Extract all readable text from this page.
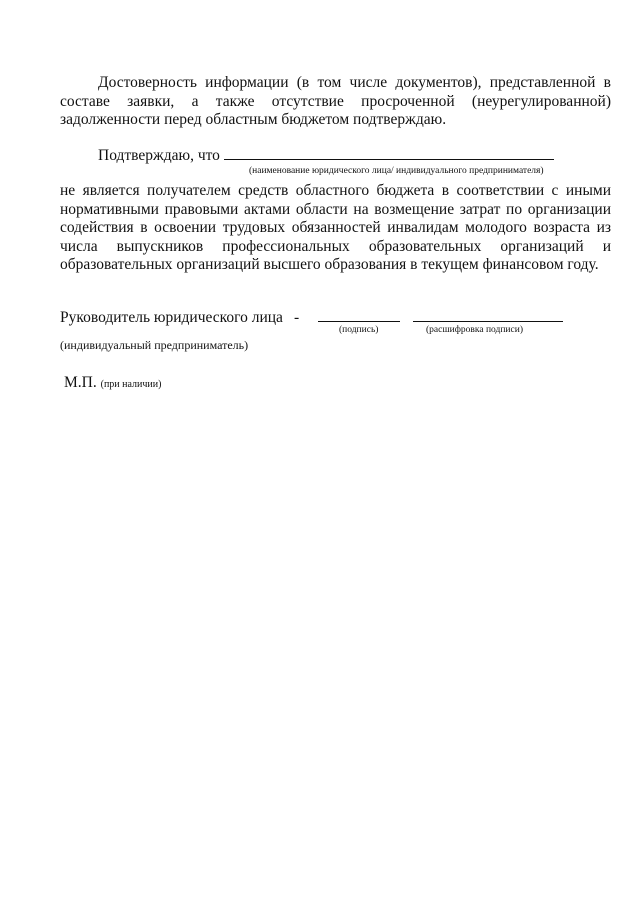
Достоверность информации (в том числе документов), представленной в составе заявки, а также отсутствие просроченной (неурегулированной) задолженности перед областным бюджетом подтверждаю.

Подтверждаю, что
(наименование юридического лица/ индивидуального предпринимателя)

не является получателем средств областного бюджета в соответствии с иными нормативными правовыми актами области на возмещение затрат по организации содействия в освоении трудовых обязанностей инвалидам молодого возраста из числа выпускников профессиональных образовательных организаций и образовательных организаций высшего образования в текущем финансовом году.

Руководитель юридического лица -
(подпись)	(расшифровка подписи)
(индивидуальный предприниматель)
М.П. (при наличии)
